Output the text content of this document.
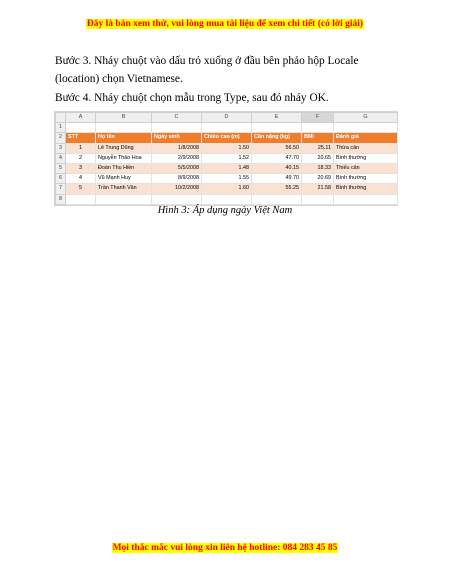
Đây là bản xem thử, vui lòng mua tài liệu để xem chi tiết (có lời giải)
Bước 3. Nháy chuột vào dấu trỏ xuống ở đầu bên phảo hộp Locale (location) chọn Vietnamese.
Bước 4. Nháy chuột chọn mẫu trong Type, sau đó nháy OK.
	A	B	C	D	E	F	G
1							
2	STT	Họ tên	Ngày sinh	Chiều cao (m)	Cân nặng (kg)	BMI	Đánh giá
3	1	Lê Trung Dũng	1/8/2008	1.50	56.50	25.11	Thừa cân
4	2	Nguyễn Thảo Hoa	2/9/2008	1.52	47.70	20.65	Bình thường
5	3	Đoàn Thu Hiền	5/5/2008	1.48	40.15	18.33	Thiếu cân
6	4	Vũ Mạnh Huy	8/9/2008	1.55	49.70	20.69	Bình thường
7	5	Trần Thanh Vân	10/2/2008	1.60	55.25	21.58	Bình thường
8							
Hình 3: Áp dụng ngày Việt Nam
Mọi thắc mắc vui lòng xin liên hệ hotline: 084 283 45 85
